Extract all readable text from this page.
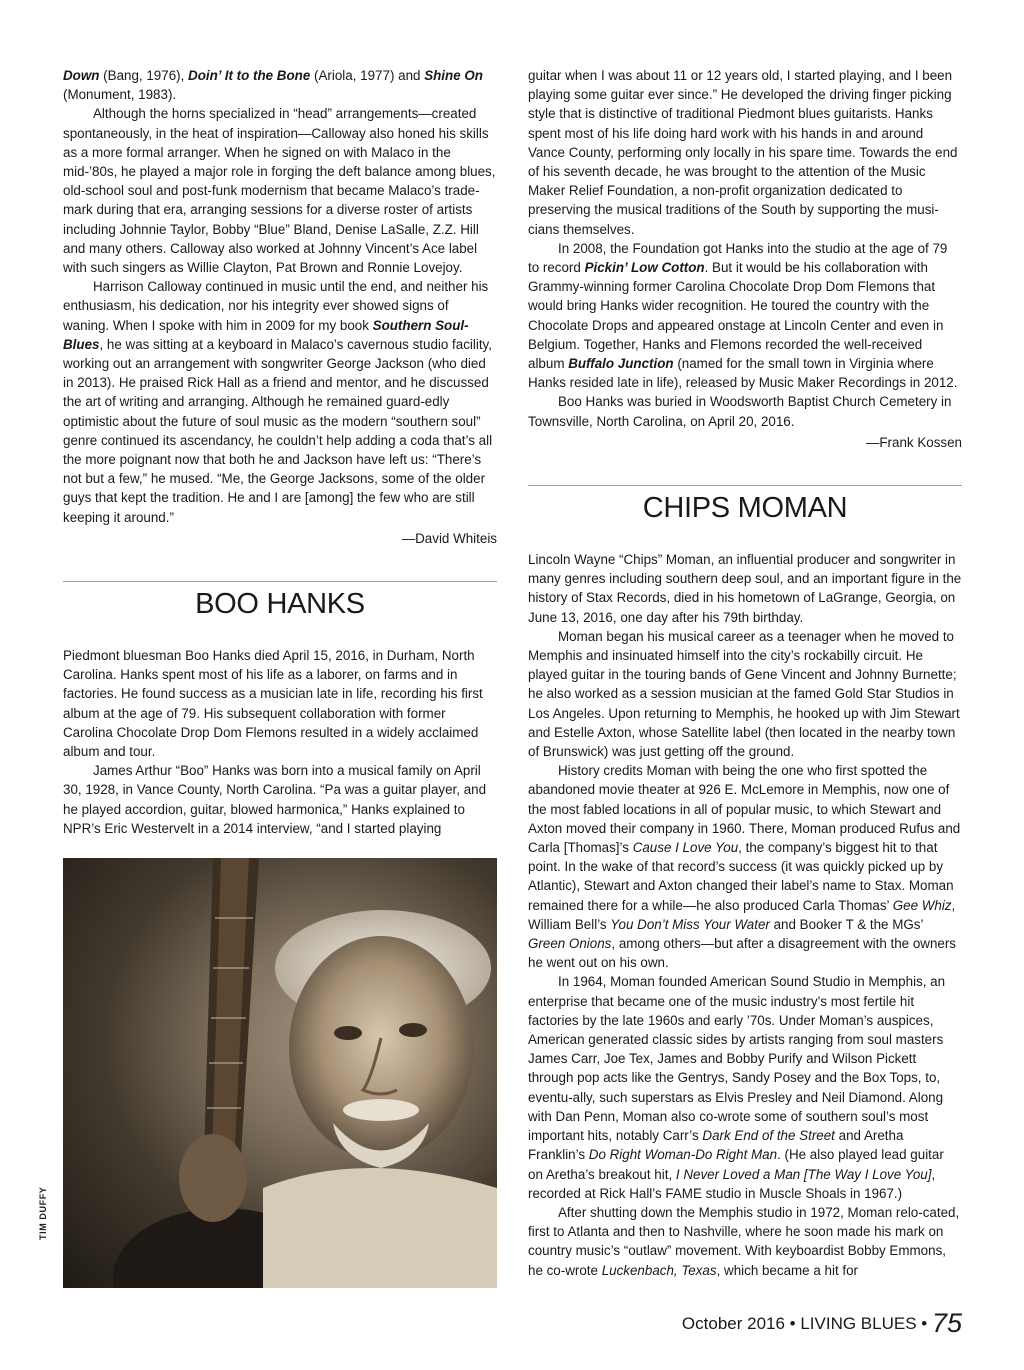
Down (Bang, 1976), Doin’ It to the Bone (Ariola, 1977) and Shine On (Monument, 1983).

Although the horns specialized in “head” arrangements—created spontaneously, in the heat of inspiration—Calloway also honed his skills as a more formal arranger. When he signed on with Malaco in the mid-’80s, he played a major role in forging the deft balance among blues, old-school soul and post-funk modernism that became Malaco’s trade-mark during that era, arranging sessions for a diverse roster of artists including Johnnie Taylor, Bobby “Blue” Bland, Denise LaSalle, Z.Z. Hill and many others. Calloway also worked at Johnny Vincent’s Ace label with such singers as Willie Clayton, Pat Brown and Ronnie Lovejoy.

Harrison Calloway continued in music until the end, and neither his enthusiasm, his dedication, nor his integrity ever showed signs of waning. When I spoke with him in 2009 for my book Southern Soul-Blues, he was sitting at a keyboard in Malaco’s cavernous studio facility, working out an arrangement with songwriter George Jackson (who died in 2013). He praised Rick Hall as a friend and mentor, and he discussed the art of writing and arranging. Although he remained guard-edly optimistic about the future of soul music as the modern “southern soul” genre continued its ascendancy, he couldn’t help adding a coda that’s all the more poignant now that both he and Jackson have left us: “There’s not but a few,” he mused. “Me, the George Jacksons, some of the older guys that kept the tradition. He and I are [among] the few who are still keeping it around.”

—David Whiteis

BOO HANKS

Piedmont bluesman Boo Hanks died April 15, 2016, in Durham, North Carolina. Hanks spent most of his life as a laborer, on farms and in factories. He found success as a musician late in life, recording his first album at the age of 79. His subsequent collaboration with former Carolina Chocolate Drop Dom Flemons resulted in a widely acclaimed album and tour.

James Arthur “Boo” Hanks was born into a musical family on April 30, 1928, in Vance County, North Carolina. “Pa was a guitar player, and he played accordion, guitar, blowed harmonica,” Hanks explained to NPR’s Eric Westervelt in a 2014 interview, “and I started playing

TIM DUFFY

guitar when I was about 11 or 12 years old, I started playing, and I been playing some guitar ever since.” He developed the driving finger picking style that is distinctive of traditional Piedmont blues guitarists. Hanks spent most of his life doing hard work with his hands in and around Vance County, performing only locally in his spare time. Towards the end of his seventh decade, he was brought to the attention of the Music Maker Relief Foundation, a non-profit organization dedicated to preserving the musical traditions of the South by supporting the musi-cians themselves.

In 2008, the Foundation got Hanks into the studio at the age of 79 to record Pickin’ Low Cotton. But it would be his collaboration with Grammy-winning former Carolina Chocolate Drop Dom Flemons that would bring Hanks wider recognition. He toured the country with the Chocolate Drops and appeared onstage at Lincoln Center and even in Belgium. Together, Hanks and Flemons recorded the well-received album Buffalo Junction (named for the small town in Virginia where Hanks resided late in life), released by Music Maker Recordings in 2012.

Boo Hanks was buried in Woodsworth Baptist Church Cemetery in Townsville, North Carolina, on April 20, 2016.

—Frank Kossen

CHIPS MOMAN

Lincoln Wayne “Chips” Moman, an influential producer and songwriter in many genres including southern deep soul, and an important figure in the history of Stax Records, died in his hometown of LaGrange, Georgia, on June 13, 2016, one day after his 79th birthday.

Moman began his musical career as a teenager when he moved to Memphis and insinuated himself into the city’s rockabilly circuit. He played guitar in the touring bands of Gene Vincent and Johnny Burnette; he also worked as a session musician at the famed Gold Star Studios in Los Angeles. Upon returning to Memphis, he hooked up with Jim Stewart and Estelle Axton, whose Satellite label (then located in the nearby town of Brunswick) was just getting off the ground.

History credits Moman with being the one who first spotted the abandoned movie theater at 926 E. McLemore in Memphis, now one of the most fabled locations in all of popular music, to which Stewart and Axton moved their company in 1960. There, Moman produced Rufus and Carla [Thomas]’s Cause I Love You, the company’s biggest hit to that point. In the wake of that record’s success (it was quickly picked up by Atlantic), Stewart and Axton changed their label’s name to Stax. Moman remained there for a while—he also produced Carla Thomas’ Gee Whiz, William Bell’s You Don’t Miss Your Water and Booker T & the MGs’ Green Onions, among others—but after a disagreement with the owners he went out on his own.

In 1964, Moman founded American Sound Studio in Memphis, an enterprise that became one of the music industry’s most fertile hit factories by the late 1960s and early ’70s. Under Moman’s auspices, American generated classic sides by artists ranging from soul masters James Carr, Joe Tex, James and Bobby Purify and Wilson Pickett through pop acts like the Gentrys, Sandy Posey and the Box Tops, to, eventu-ally, such superstars as Elvis Presley and Neil Diamond. Along with Dan Penn, Moman also co-wrote some of southern soul’s most important hits, notably Carr’s Dark End of the Street and Aretha Franklin’s Do Right Woman-Do Right Man. (He also played lead guitar on Aretha’s breakout hit, I Never Loved a Man [The Way I Love You], recorded at Rick Hall’s FAME studio in Muscle Shoals in 1967.)

After shutting down the Memphis studio in 1972, Moman relo-cated, first to Atlanta and then to Nashville, where he soon made his mark on country music’s “outlaw” movement. With keyboardist Bobby Emmons, he co-wrote Luckenbach, Texas, which became a hit for

October 2016 • LIVING BLUES • 75
